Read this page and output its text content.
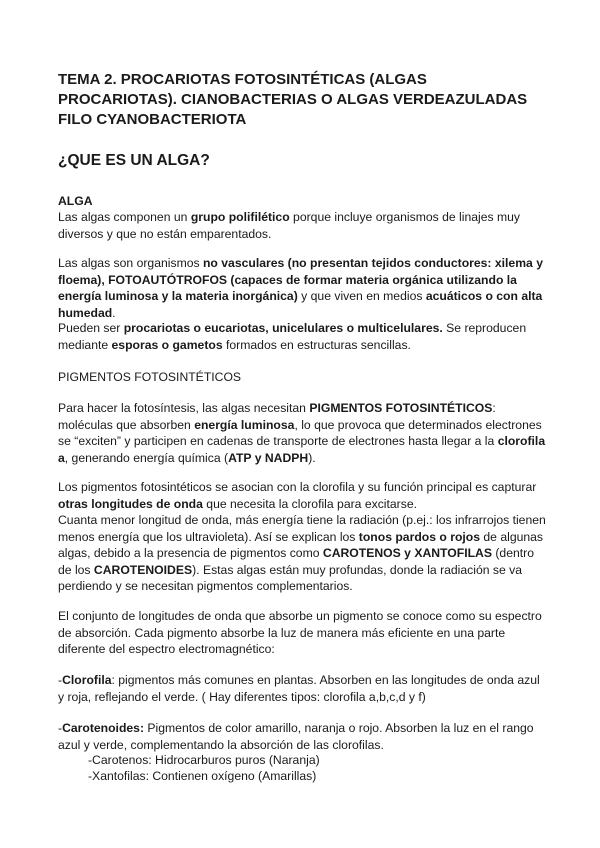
TEMA 2. PROCARIOTAS FOTOSINTÉTICAS (ALGAS PROCARIOTAS). CIANOBACTERIAS O ALGAS VERDEAZULADAS FILO CYANOBACTERIOTA
¿QUE ES UN ALGA?

ALGA

Las algas componen un grupo polifilético porque incluye organismos de linajes muy diversos y que no están emparentados.

Las algas son organismos no vasculares (no presentan tejidos conductores: xilema y floema), FOTOAUTÓTROFOS (capaces de formar materia orgánica utilizando la energía luminosa y la materia inorgánica) y que viven en medios acuáticos o con alta humedad.

Pueden ser procariotas o eucariotas, unicelulares o multicelulares. Se reproducen mediante esporas o gametos formados en estructuras sencillas.

PIGMENTOS FOTOSINTÉTICOS

Para hacer la fotosíntesis, las algas necesitan PIGMENTOS FOTOSINTÉTICOS: moléculas que absorben energía luminosa, lo que provoca que determinados electrones se “exciten” y participen en cadenas de transporte de electrones hasta llegar a la clorofila a, generando energía química (ATP y NADPH).

Los pigmentos fotosintéticos se asocian con la clorofila y su función principal es capturar otras longitudes de onda que necesita la clorofila para excitarse.

Cuanta menor longitud de onda, más energía tiene la radiación (p.ej.: los infrarrojos tienen menos energía que los ultravioleta). Así se explican los tonos pardos o rojos de algunas algas, debido a la presencia de pigmentos como CAROTENOS y XANTOFILAS (dentro de los CAROTENOIDES). Estas algas están muy profundas, donde la radiación se va perdiendo y se necesitan pigmentos complementarios.

El conjunto de longitudes de onda que absorbe un pigmento se conoce como su espectro de absorción. Cada pigmento absorbe la luz de manera más eficiente en una parte diferente del espectro electromagnético:

-Clorofila: pigmentos más comunes en plantas. Absorben en las longitudes de onda azul y roja, reflejando el verde. ( Hay diferentes tipos: clorofila a,b,c,d y f)

-Carotenoides: Pigmentos de color amarillo, naranja o rojo. Absorben la luz en el rango azul y verde, complementando la absorción de las clorofilas.

-Carotenos: Hidrocarburos puros (Naranja)

-Xantofilas: Contienen oxígeno (Amarillas)
